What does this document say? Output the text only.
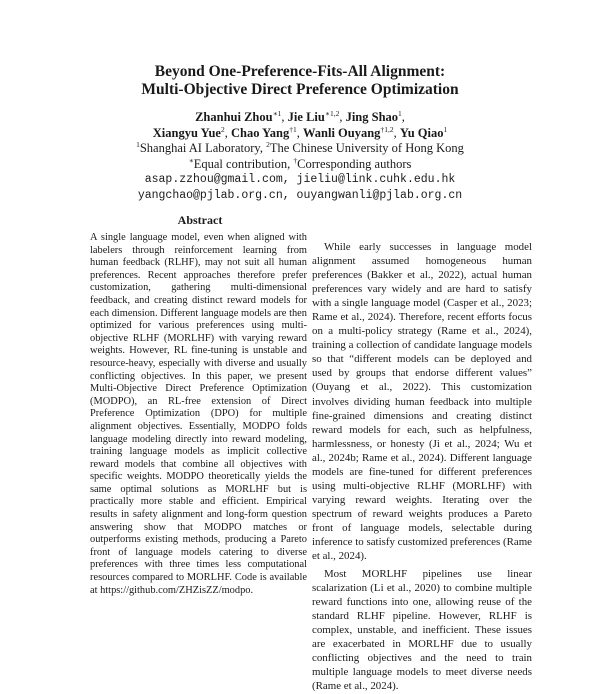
Beyond One-Preference-Fits-All Alignment:
Multi-Objective Direct Preference Optimization
Zhanhui Zhou$^{∗1}$, Jie Liu$^{∗1,2}$, Jing Shao$^1$,
Xiangyu Yue$^2$, Chao Yang$^{\dagger 1}$, Wanli Ouyang$^{\dagger 1,2}$, Yu Qiao$^1$
$^1$Shanghai AI Laboratory, $^2$The Chinese University of Hong Kong
∗Equal contribution, †Corresponding authors
asap.zzhou@gmail.com, jieliu@link.cuhk.edu.hk
yangchao@pjlab.org.cn, ouyangwanli@pjlab.org.cn
Abstract
A single language model, even when aligned with labelers through reinforcement learning from human feedback (RLHF), may not suit all human preferences. Recent approaches therefore prefer customization, gathering multi-dimensional feedback, and creating distinct reward models for each dimension. Different language models are then optimized for various preferences using multi-objective RLHF (MORLHF) with varying reward weights. However, RL fine-tuning is unstable and resource-heavy, especially with diverse and usually conflicting objectives. In this paper, we present Multi-Objective Direct Preference Optimization (MODPO), an RL-free extension of Direct Preference Optimization (DPO) for multiple alignment objectives. Essentially, MODPO folds language modeling directly into reward modeling, training language models as implicit collective reward models that combine all objectives with specific weights. MODPO theoretically yields the same optimal solutions as MORLHF but is practically more stable and efficient. Empirical results in safety alignment and long-form question answering show that MODPO matches or outperforms existing methods, producing a Pareto front of language models catering to diverse preferences with three times less computational resources compared to MORLHF. Code is available at https://github.com/ZHZisZZ/modpo.

While early successes in language model alignment assumed homogeneous human preferences (Bakker et al., 2022), actual human preferences vary widely and are hard to satisfy with a single language model (Casper et al., 2023; Rame et al., 2024). Therefore, recent efforts focus on a multi-policy strategy (Rame et al., 2024), training a collection of candidate language models so that “different models can be deployed and used by groups that endorse different values” (Ouyang et al., 2022). This customization involves dividing human feedback into multiple fine-grained dimensions and creating distinct reward models for each, such as helpfulness, harmlessness, or honesty (Ji et al., 2024; Wu et al., 2024b; Rame et al., 2024). Different language models are fine-tuned for different preferences using multi-objective RLHF (MORLHF) with varying reward weights. Iterating over the spectrum of reward weights produces a Pareto front of language models, selectable during inference to satisfy customized preferences (Rame et al., 2024).

Most MORLHF pipelines use linear scalarization (Li et al., 2020) to combine multiple reward functions into one, allowing reuse of the standard RLHF pipeline. However, RLHF is complex, unstable, and inefficient. These issues are exacerbated in MORLHF due to usually conflicting objectives and the need to train multiple language models to meet diverse needs (Rame et al., 2024).
